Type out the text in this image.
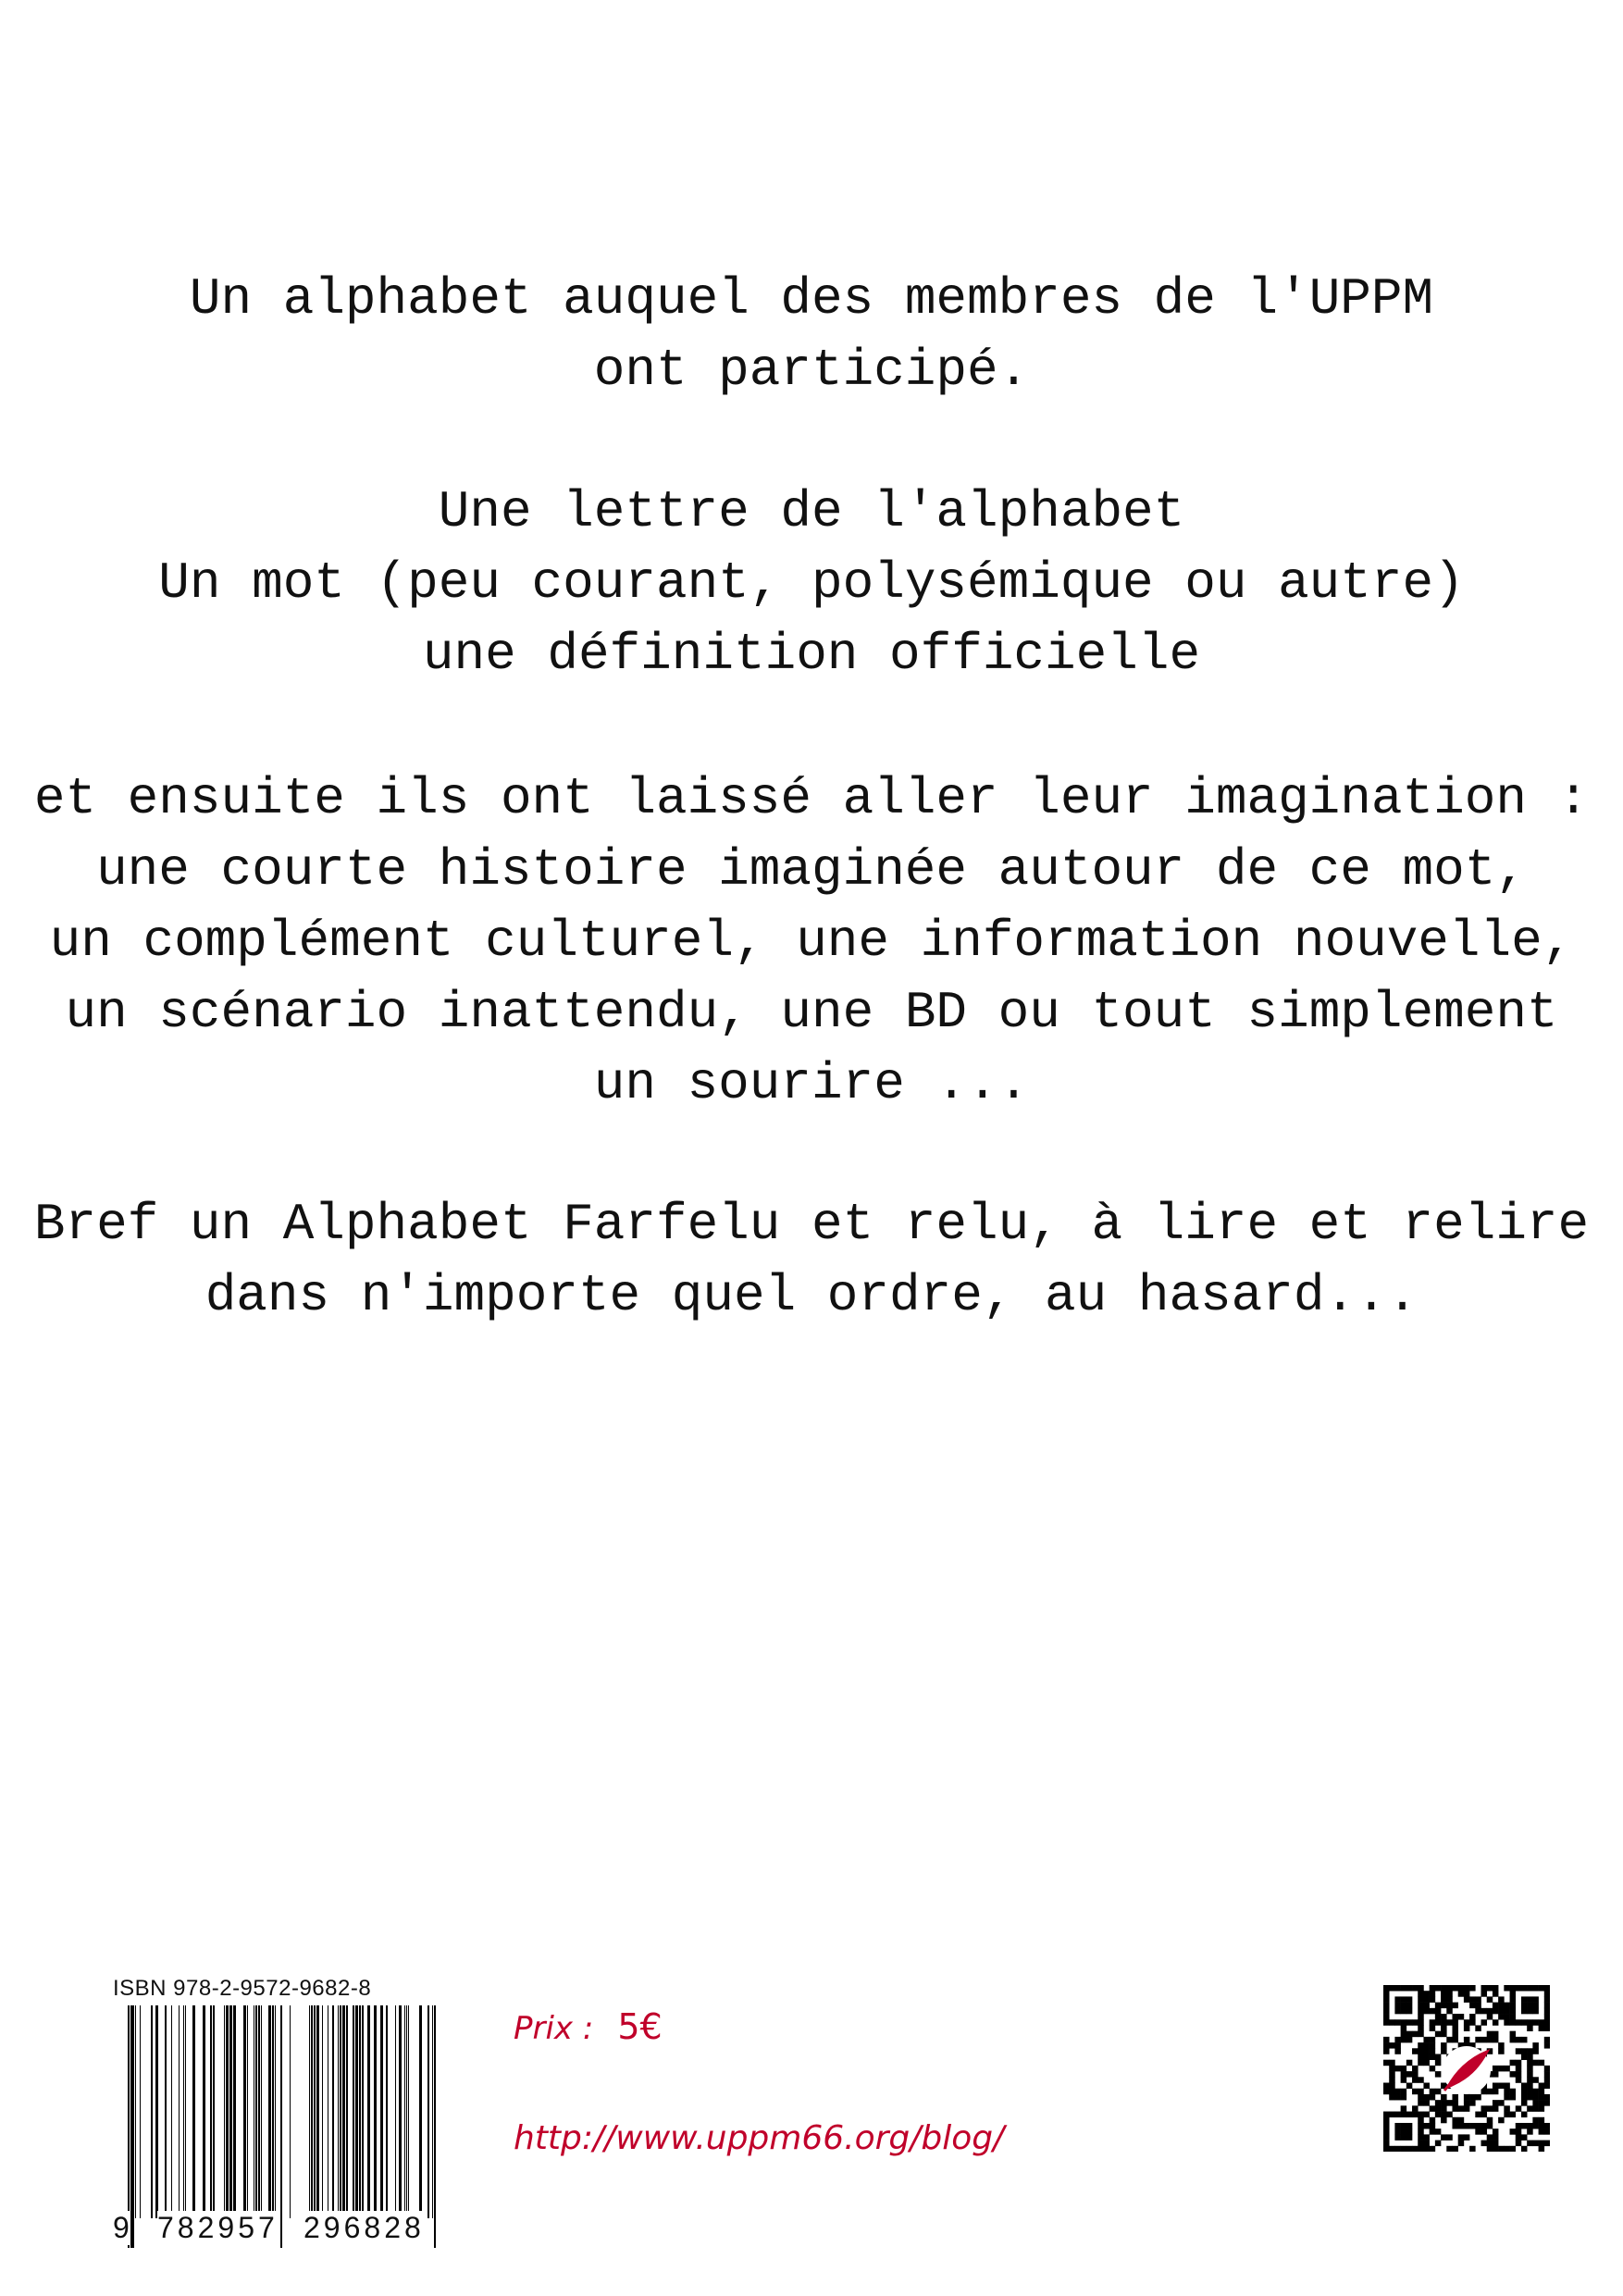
Un alphabet auquel des membres de l'UPPM
ont participé.
Une lettre de l'alphabet
Un mot (peu courant, polysémique ou autre)
une définition officielle
et ensuite ils ont laissé aller leur imagination :
une courte histoire imaginée autour de ce mot,
un complément culturel, une information nouvelle,
un scénario inattendu, une BD ou tout simplement
un sourire ...
Bref un Alphabet Farfelu et relu, à lire et relire
dans n'importe quel ordre, au hasard...
ISBN 978-2-9572-9682-8
9 782957 296828
Prix : 5€
http://www.uppm66.org/blog/
